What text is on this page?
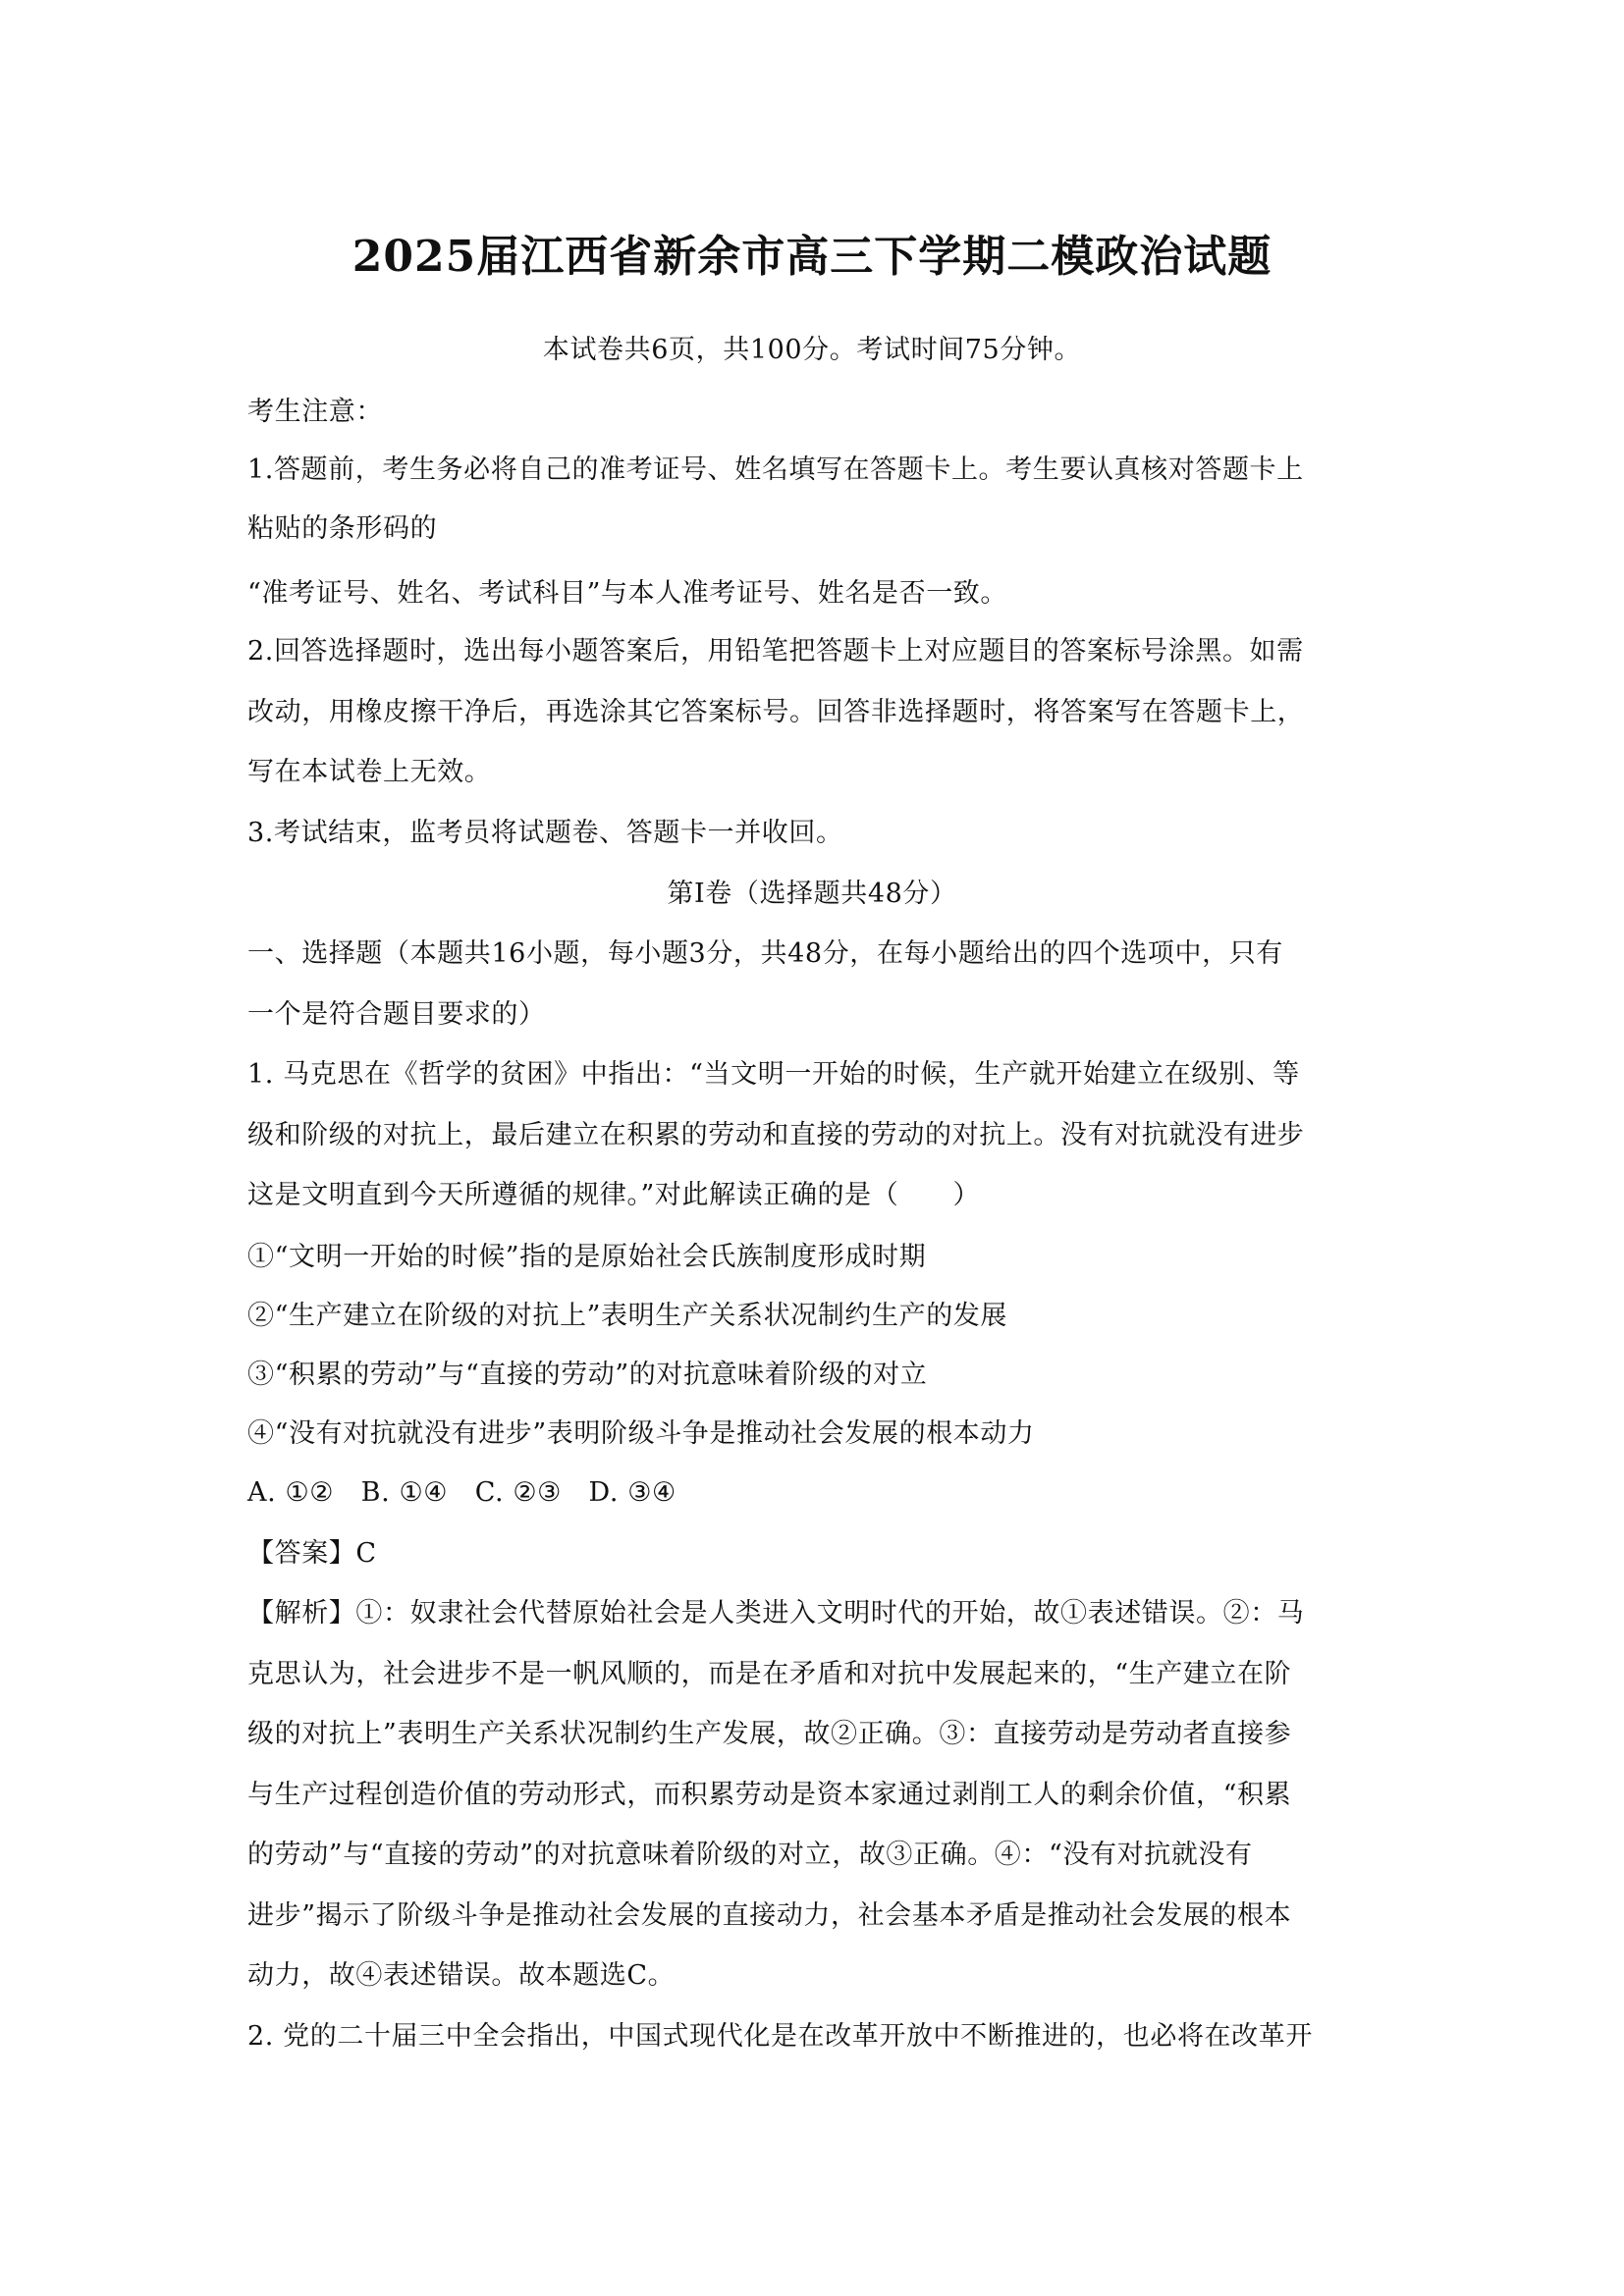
2025届江西省新余市高三下学期二模政治试题
本试卷共6页，共100分。考试时间75分钟。
考生注意：
1.答题前，考生务必将自己的准考证号、姓名填写在答题卡上。考生要认真核对答题卡上
粘贴的条形码的
“准考证号、姓名、考试科目”与本人准考证号、姓名是否一致。
2.回答选择题时，选出每小题答案后，用铅笔把答题卡上对应题目的答案标号涂黑。如需
改动，用橡皮擦干净后，再选涂其它答案标号。回答非选择题时，将答案写在答题卡上，
写在本试卷上无效。
3.考试结束，监考员将试题卷、答题卡一并收回。
第Ⅰ卷（选择题共48分）
一、选择题（本题共16小题，每小题3分，共48分，在每小题给出的四个选项中，只有
一个是符合题目要求的）
1. 马克思在《哲学的贫困》中指出：“当文明一开始的时候，生产就开始建立在级别、等
级和阶级的对抗上，最后建立在积累的劳动和直接的劳动的对抗上。没有对抗就没有进步
这是文明直到今天所遵循的规律。”对此解读正确的是（　　）
①“文明一开始的时候”指的是原始社会氏族制度形成时期
②“生产建立在阶级的对抗上”表明生产关系状况制约生产的发展
③“积累的劳动”与“直接的劳动”的对抗意味着阶级的对立
④“没有对抗就没有进步”表明阶级斗争是推动社会发展的根本动力
A. ①②　B. ①④　C. ②③　D. ③④
【答案】C
【解析】①：奴隶社会代替原始社会是人类进入文明时代的开始，故①表述错误。②：马
克思认为，社会进步不是一帆风顺的，而是在矛盾和对抗中发展起来的，“生产建立在阶
级的对抗上”表明生产关系状况制约生产发展，故②正确。③：直接劳动是劳动者直接参
与生产过程创造价值的劳动形式，而积累劳动是资本家通过剥削工人的剩余价值，“积累
的劳动”与“直接的劳动”的对抗意味着阶级的对立，故③正确。④：“没有对抗就没有
进步”揭示了阶级斗争是推动社会发展的直接动力，社会基本矛盾是推动社会发展的根本
动力，故④表述错误。故本题选C。
2. 党的二十届三中全会指出，中国式现代化是在改革开放中不断推进的，也必将在改革开
